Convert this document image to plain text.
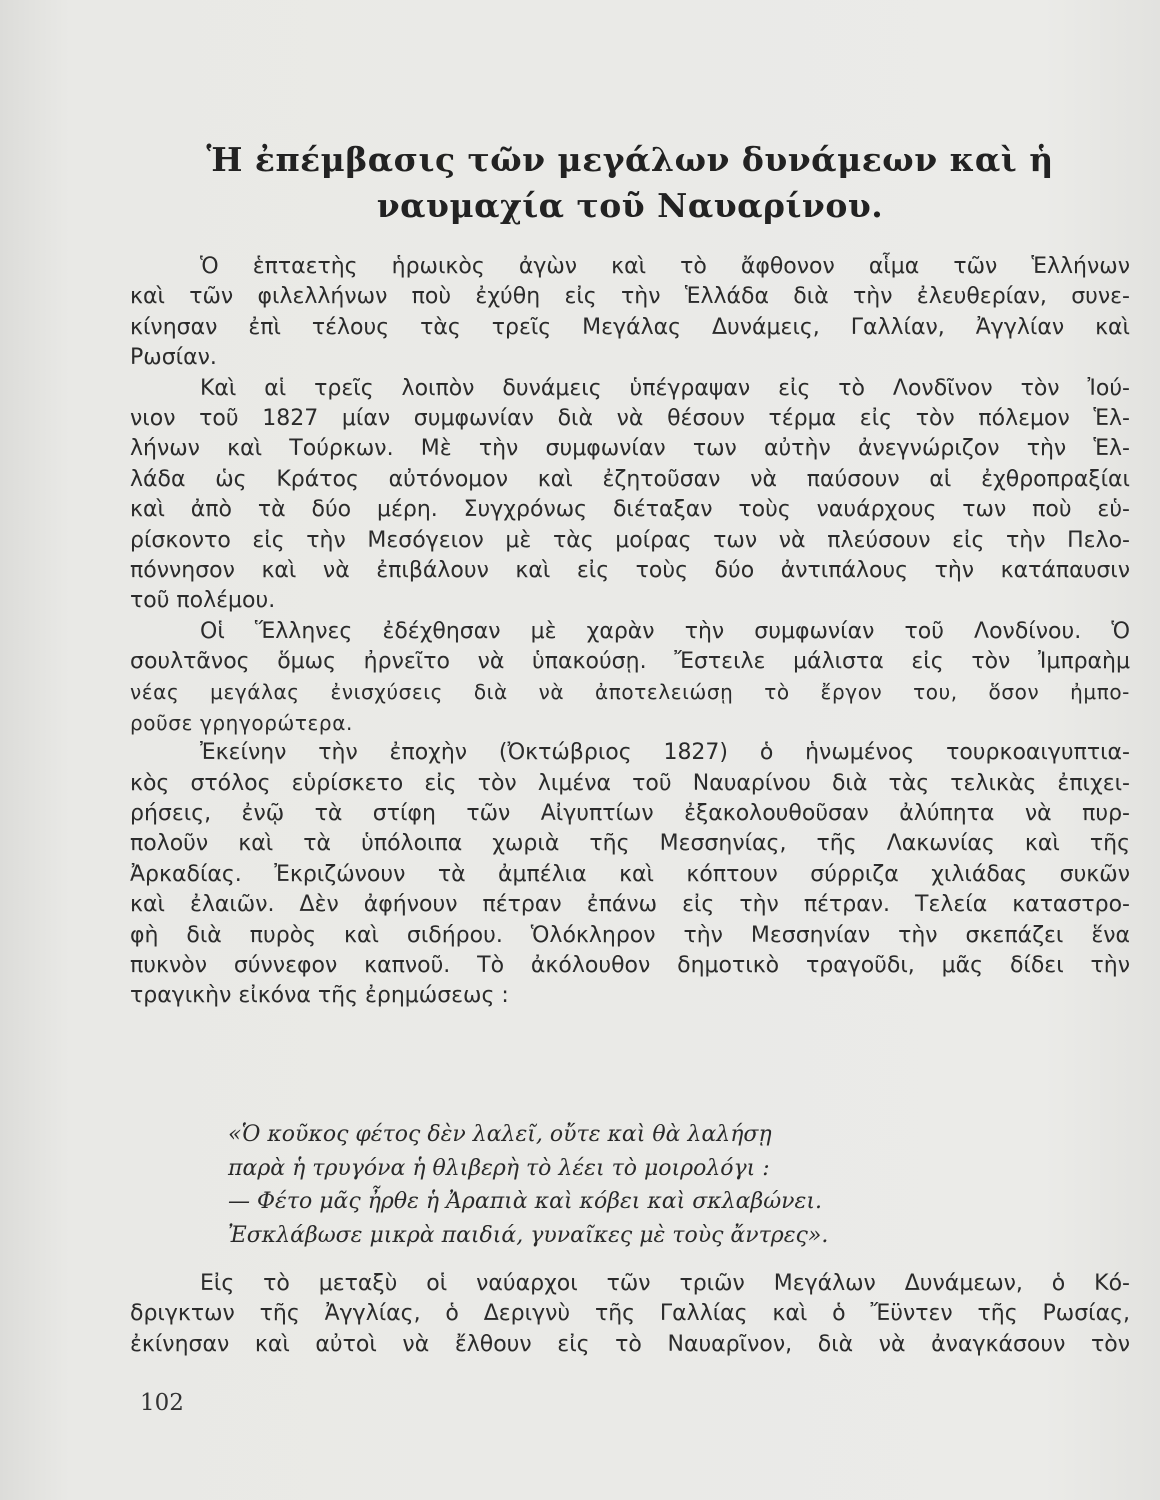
Ἡ ἐπέμβασις τῶν μεγάλων δυνάμεων καὶ ἡ
ναυμαχία τοῦ Ναυαρίνου.
Ὁ ἑπταετὴς ἡρωικὸς ἀγὼν καὶ τὸ ἄφθονον αἷμα τῶν Ἑλλήνων
καὶ τῶν φιλελλήνων ποὺ ἐχύθη εἰς τὴν Ἑλλάδα διὰ τὴν ἐλευθερίαν, συνε-
κίνησαν ἐπὶ τέλους τὰς τρεῖς Μεγάλας Δυνάμεις, Γαλλίαν, Ἀγγλίαν καὶ
Ρωσίαν.
Καὶ αἱ τρεῖς λοιπὸν δυνάμεις ὑπέγραψαν εἰς τὸ Λονδῖνον τὸν Ἰού-
νιον τοῦ 1827 μίαν συμφωνίαν διὰ νὰ θέσουν τέρμα εἰς τὸν πόλεμον Ἑλ-
λήνων καὶ Τούρκων. Μὲ τὴν συμφωνίαν των αὐτὴν ἀνεγνώριζον τὴν Ἑλ-
λάδα ὡς Κράτος αὐτόνομον καὶ ἐζητοῦσαν νὰ παύσουν αἱ ἐχθροπραξίαι
καὶ ἀπὸ τὰ δύο μέρη. Συγχρόνως διέταξαν τοὺς ναυάρχους των ποὺ εὑ-
ρίσκοντο εἰς τὴν Μεσόγειον μὲ τὰς μοίρας των νὰ πλεύσουν εἰς τὴν Πελο-
πόννησον καὶ νὰ ἐπιβάλουν καὶ εἰς τοὺς δύο ἀντιπάλους τὴν κατάπαυσιν
τοῦ πολέμου.
Οἱ Ἕλληνες ἐδέχθησαν μὲ χαρὰν τὴν συμφωνίαν τοῦ Λονδίνου. Ὁ
σουλτᾶνος ὅμως ἠρνεῖτο νὰ ὑπακούσῃ. Ἔστειλε μάλιστα εἰς τὸν Ἰμπραὴμ
νέας μεγάλας ἐνισχύσεις διὰ νὰ ἀποτελειώσῃ τὸ ἔργον του, ὅσον ἠμπο-
ροῦσε γρηγορώτερα.
Ἐκείνην τὴν ἐποχὴν (Ὀκτώβριος 1827) ὁ ἡνωμένος τουρκοαιγυπτια-
κὸς στόλος εὑρίσκετο εἰς τὸν λιμένα τοῦ Ναυαρίνου διὰ τὰς τελικὰς ἐπιχει-
ρήσεις, ἐνῷ τὰ στίφη τῶν Αἰγυπτίων ἐξακολουθοῦσαν ἀλύπητα νὰ πυρ-
πολοῦν καὶ τὰ ὑπόλοιπα χωριὰ τῆς Μεσσηνίας, τῆς Λακωνίας καὶ τῆς
Ἀρκαδίας. Ἐκριζώνουν τὰ ἀμπέλια καὶ κόπτουν σύρριζα χιλιάδας συκῶν
καὶ ἐλαιῶν. Δὲν ἀφήνουν πέτραν ἐπάνω εἰς τὴν πέτραν. Τελεία καταστρο-
φὴ διὰ πυρὸς καὶ σιδήρου. Ὁλόκληρον τὴν Μεσσηνίαν τὴν σκεπάζει ἕνα
πυκνὸν σύννεφον καπνοῦ. Τὸ ἀκόλουθον δημοτικὸ τραγοῦδι, μᾶς δίδει τὴν
τραγικὴν εἰκόνα τῆς ἐρημώσεως :
«Ὁ κοῦκος φέτος δὲν λαλεῖ, οὔτε καὶ θὰ λαλήσῃ
παρὰ ἡ τρυγόνα ἡ θλιβερὴ τὸ λέει τὸ μοιρολόγι :
— Φέτο μᾶς ἦρθε ἡ Ἀραπιὰ καὶ κόβει καὶ σκλαβώνει.
Ἐσκλάβωσε μικρὰ παιδιά, γυναῖκες μὲ τοὺς ἄντρες».
Εἰς τὸ μεταξὺ οἱ ναύαρχοι τῶν τριῶν Μεγάλων Δυνάμεων, ὁ Κό-
δριγκτων τῆς Ἀγγλίας, ὁ Δεριγνὺ τῆς Γαλλίας καὶ ὁ Ἔϋντεν τῆς Ρωσίας,
ἐκίνησαν καὶ αὐτοὶ νὰ ἔλθουν εἰς τὸ Ναυαρῖνον, διὰ νὰ ἀναγκάσουν τὸν
102
